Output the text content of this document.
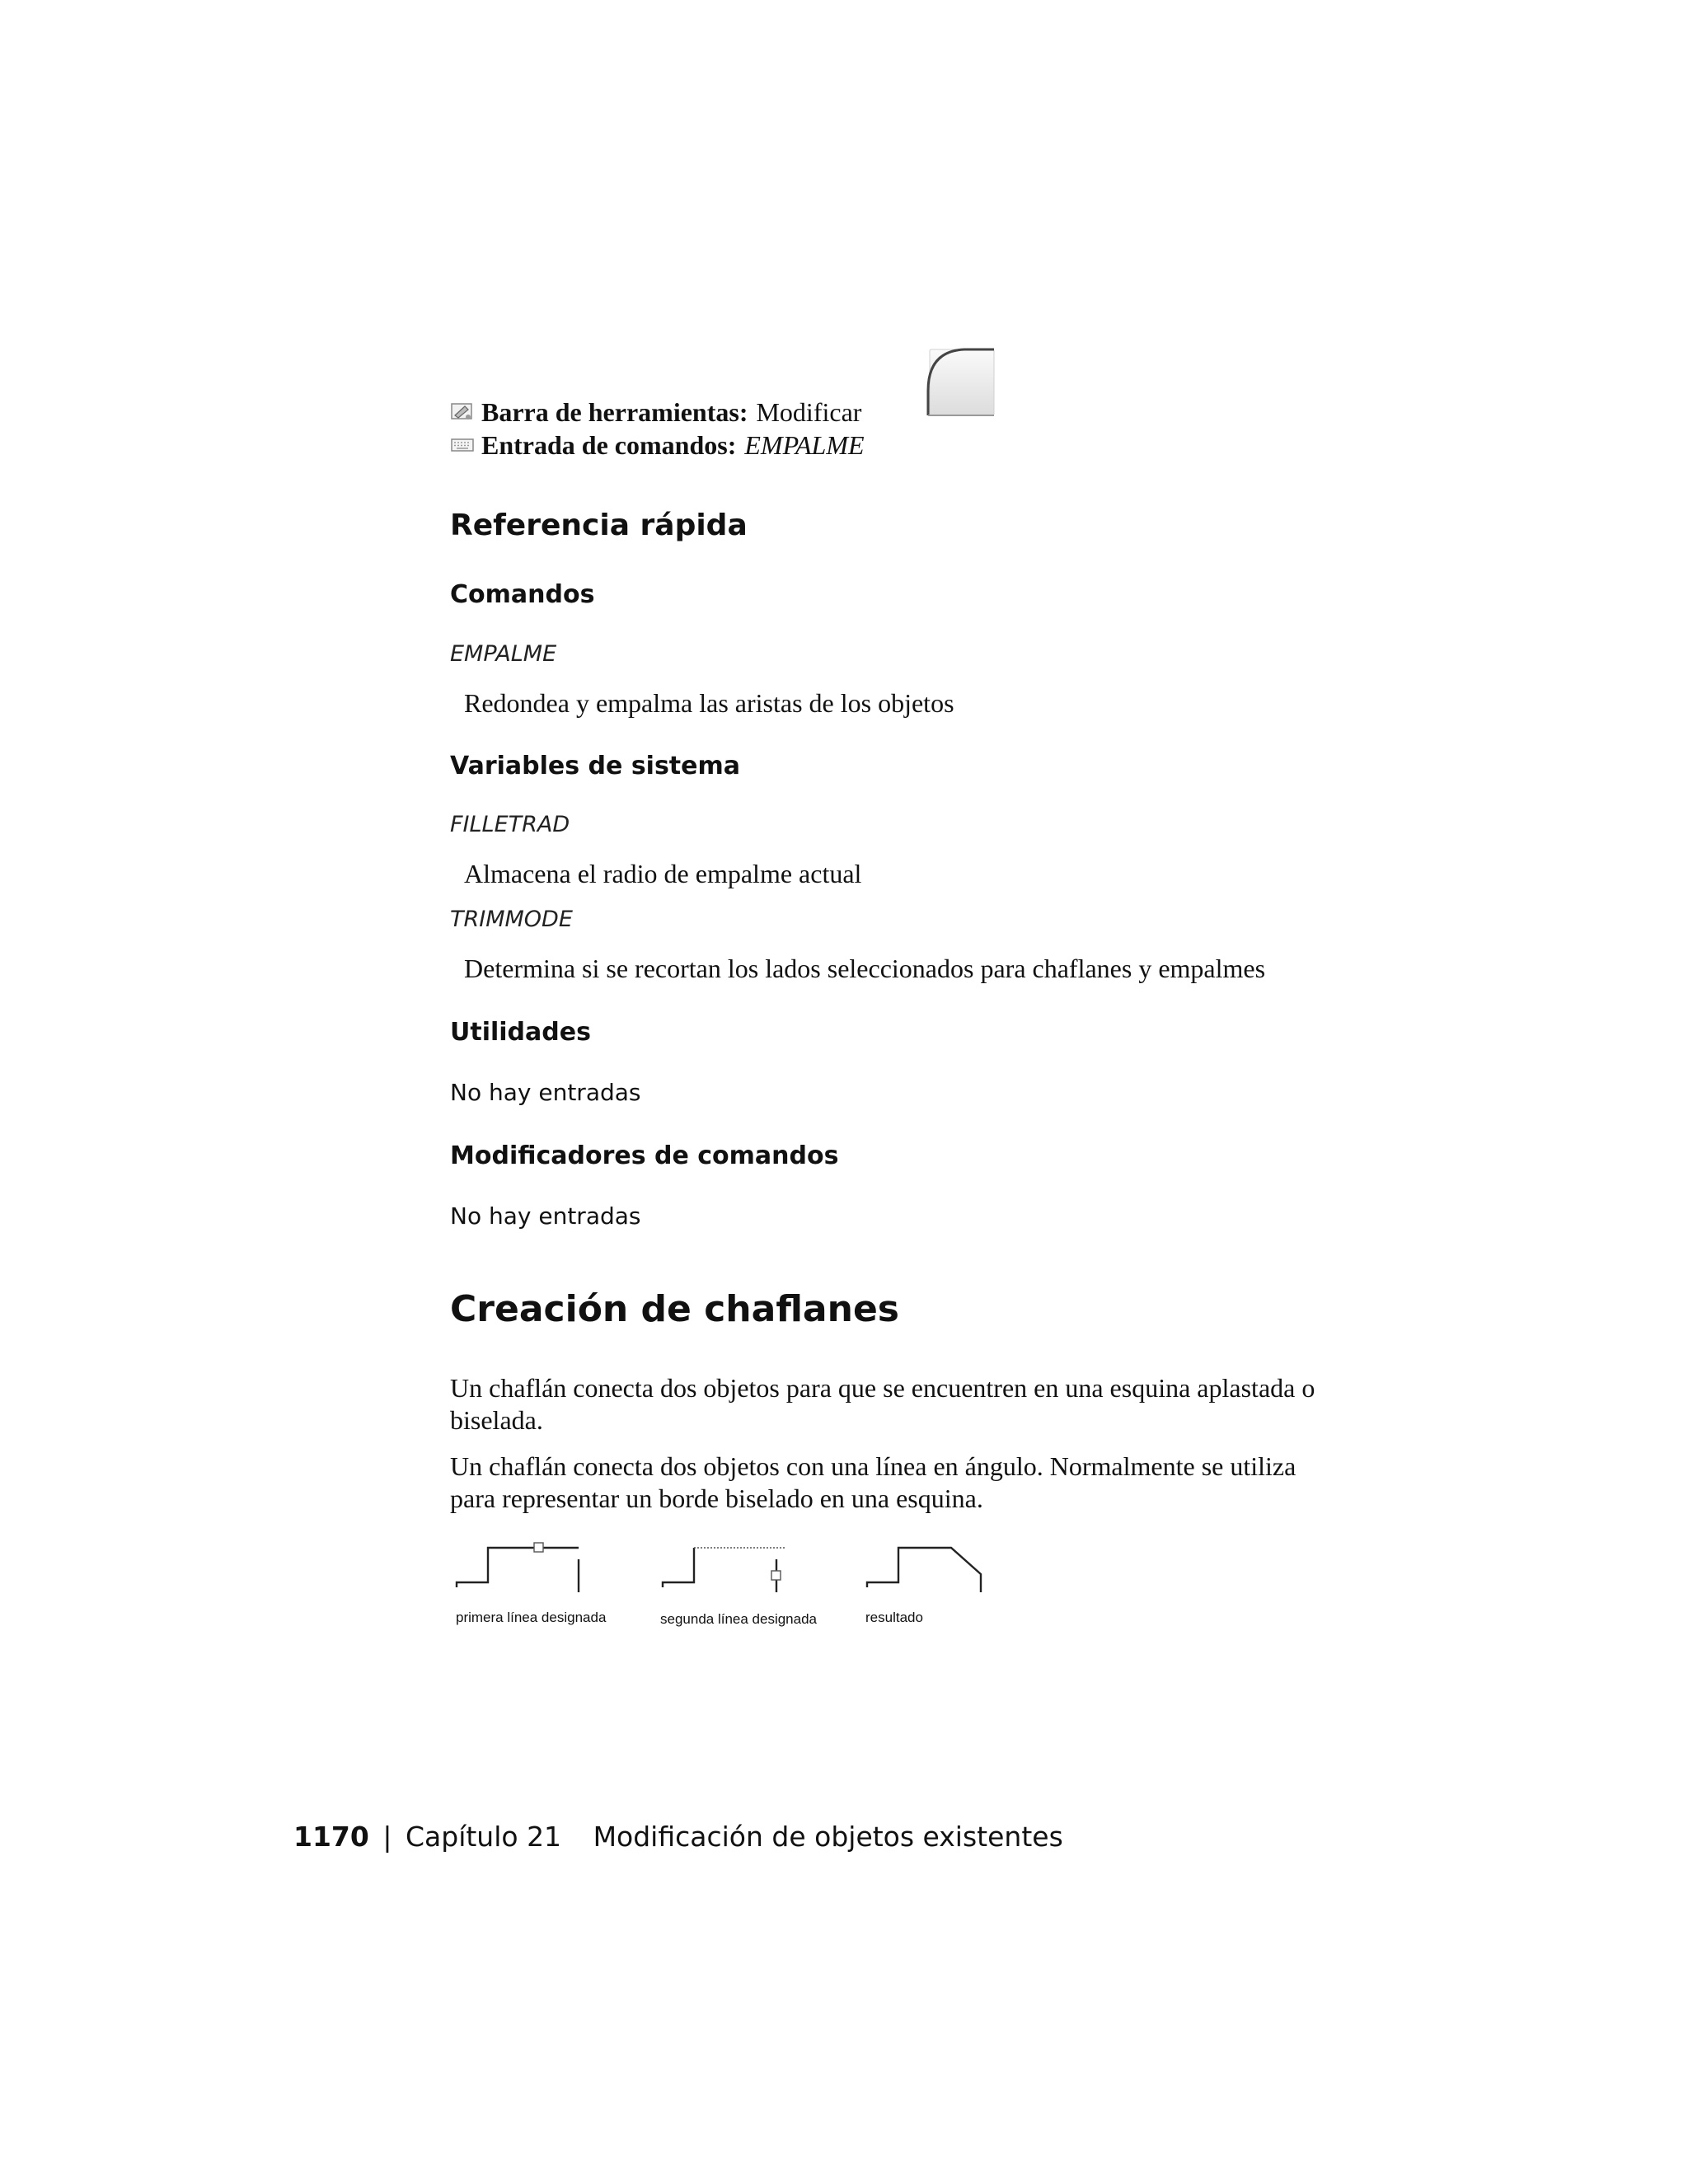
Barra de herramientas: Modificar
Entrada de comandos: EMPALME
Referencia rápida
Comandos
EMPALME
Redondea y empalma las aristas de los objetos
Variables de sistema
FILLETRAD
Almacena el radio de empalme actual
TRIMMODE
Determina si se recortan los lados seleccionados para chaflanes y empalmes
Utilidades
No hay entradas
Modificadores de comandos
No hay entradas
Creación de chaflanes
Un chaflán conecta dos objetos para que se encuentren en una esquina aplastada o biselada.
Un chaflán conecta dos objetos con una línea en ángulo. Normalmente se utiliza para representar un borde biselado en una esquina.
primera línea designada	segunda línea designada	resultado
1170 | Capítulo 21 Modificación de objetos existentes
